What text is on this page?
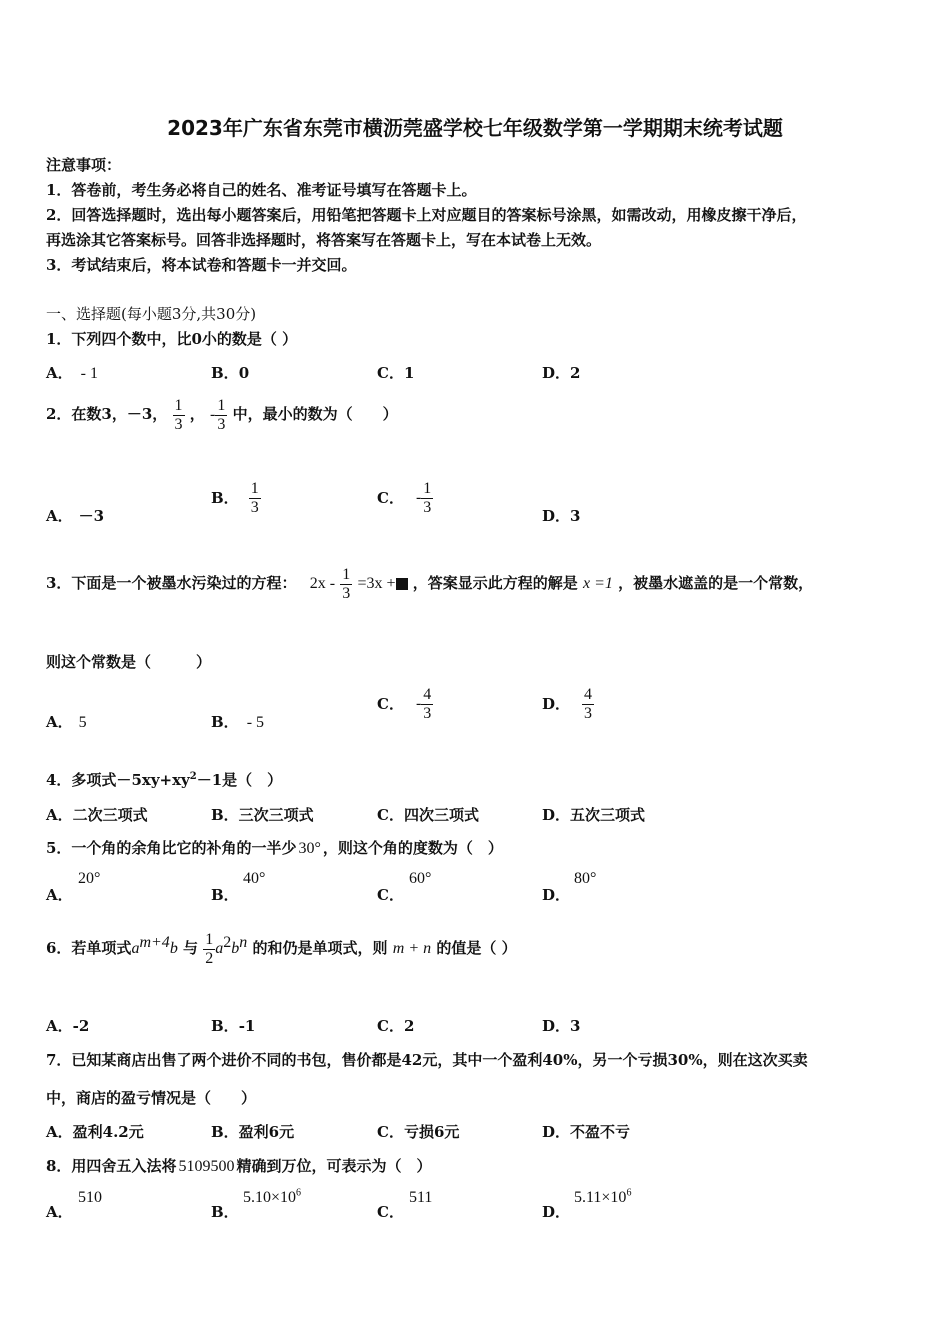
2023年广东省东莞市横沥莞盛学校七年级数学第一学期期末统考试题
注意事项：
1．答卷前，考生务必将自己的姓名、准考证号填写在答题卡上。
2．回答选择题时，选出每小题答案后，用铅笔把答题卡上对应题目的答案标号涂黑，如需改动，用橡皮擦干净后，
再选涂其它答案标号。回答非选择题时，将答案写在答题卡上，写在本试卷上无效。
3．考试结束后，将本试卷和答题卡一并交回。
一、选择题(每小题3分,共30分)
1．下列四个数中，比0小的数是（ ）
A． - 1	B．0	C．1	D．2
2．在数3，－3， $\frac{1}{3}$ ， - $\frac{1}{3}$ 中，最小的数为（　　）
A． －3
B． $\frac{1}{3}$	C． - $\frac{1}{3}$	D．3
3．下面是一个被墨水污染过的方程： $2x - \frac{1}{3} =3x$ + ，答案显示此方程的解是 x =1 ，被墨水遮盖的是一个常数，
则这个常数是（　　　）
A． 5	B． - 5
C． - $\frac{4}{3}$	D． $\frac{4}{3}$
4．多项式$-5xy+xy^2-1$是（　）
A．二次三项式	B．三次三项式	C．四次三项式	D．五次三项式
5．一个角的余角比它的补角的一半少 30° ，则这个角的度数为（　）
A．
20°
B．
40°
C．
60°
D．
80°
6．若单项式$a^{m+4}b$ 与 $\frac{1}{2} a^2b^n$ 的和仍是单项式，则 m + n 的值是（ ）
A．-2	B．-1	C．2	D．3
7．已知某商店出售了两个进价不同的书包，售价都是42元，其中一个盈利40%，另一个亏损30%，则在这次买卖
中，商店的盈亏情况是（　　）
A．盈利4.2元	B．盈利6元	C．亏损6元	D．不盈不亏
8．用四舍五入法将 5109500 精确到万位，可表示为（　）
A．
510
B．
$5.10\times 10^6$
C．
511
D．
$5.11\times 10^6$
